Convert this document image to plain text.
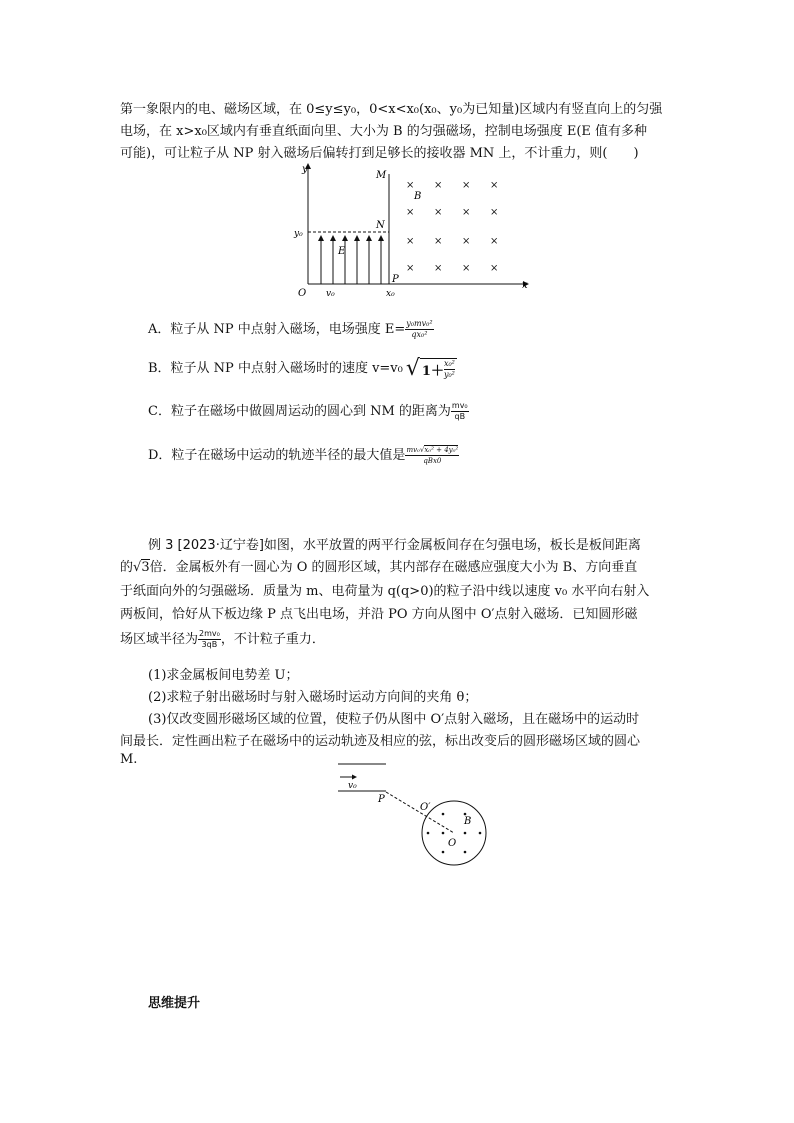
第一象限内的电、磁场区域，在 0≤y≤y₀，0<x<x₀(x₀、y₀为已知量)区域内有竖直向上的匀强
电场，在 x>x₀区域内有垂直纸面向里、大小为 B 的匀强磁场，控制电场强度 E(E 值有多种
可能)，可让粒子从 NP 射入磁场后偏转打到足够长的接收器 MN 上，不计重力，则(　　)
y
x
O
M
N
P
y₀
E
v₀	x₀
× × × ×
× × × ×
× × × ×
× × × ×
B
A．粒子从 NP 中点射入磁场，电场强度 $E= \frac{\text{y₀mv₀²}}{\text{qx₀²}}$
B．粒子从 NP 中点射入磁场时的速度 v=v₀ √ $1+ \frac{\text{x₀²}}{\text{y₀²}}$
C．粒子在磁场中做圆周运动的圆心到 NM 的距离为 $\frac{\text{mv₀}}{qB}$
D．粒子在磁场中运动的轨迹半径的最大值是 mv₀√x₀² + 4y₀²
qBx0
例 3 [2023·辽宁卷]如图，水平放置的两平行金属板间存在匀强电场，板长是板间距离
的√3倍．金属板外有一圆心为 O 的圆形区域，其内部存在磁感应强度大小为 B、方向垂直
于纸面向外的匀强磁场．质量为 m、电荷量为 q(q>0)的粒子沿中线以速度 v₀ 水平向右射入
两板间，恰好从下板边缘 P 点飞出电场，并沿 PO 方向从图中 O′点射入磁场．已知圆形磁
场区域半径为 $\frac{\text{2mv₀}}{3qB}$ ，不计粒子重力．
(1)求金属板间电势差 U；
(2)求粒子射出磁场时与射入磁场时运动方向间的夹角 θ；
(3)仅改变圆形磁场区域的位置，使粒子仍从图中 O′点射入磁场，且在磁场中的运动时
间最长．定性画出粒子在磁场中的运动轨迹及相应的弦，标出改变后的圆形磁场区域的圆心
M.
v₀
P
O′
B
O
思维提升
